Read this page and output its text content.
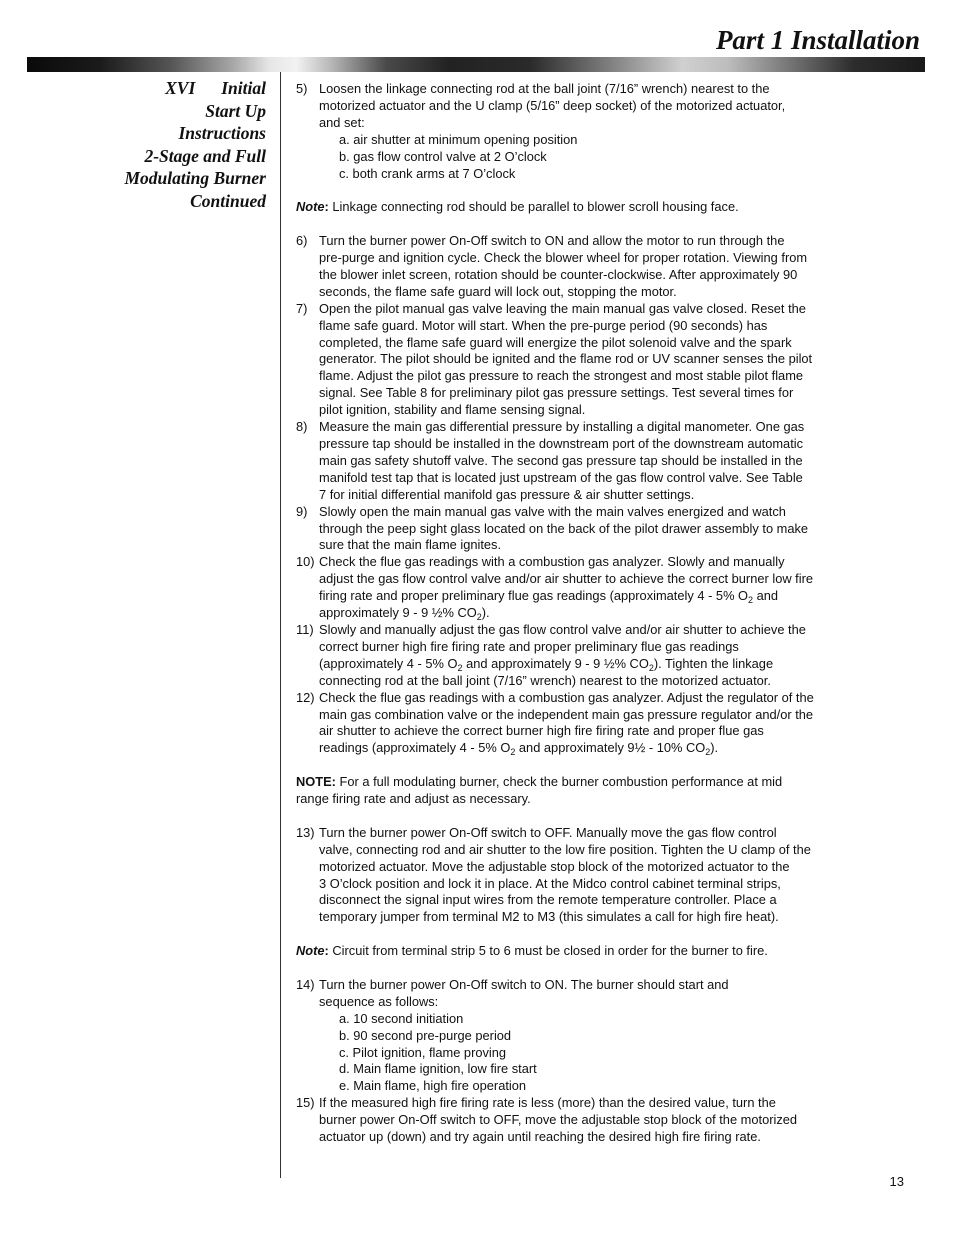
Part 1 Installation
XVI Initial
Start Up
Instructions
2-Stage and Full
Modulating Burner
Continued
5) Loosen the linkage connecting rod at the ball joint (7/16” wrench) nearest to the
motorized actuator and the U clamp (5/16” deep socket) of the motorized actuator,
and set:
a. air shutter at minimum opening position
b. gas flow control valve at 2 O’clock
c. both crank arms at 7 O’clock
Note: Linkage connecting rod should be parallel to blower scroll housing face.
6) Turn the burner power On-Off switch to ON and allow the motor to run through the
pre-purge and ignition cycle. Check the blower wheel for proper rotation. Viewing from
the blower inlet screen, rotation should be counter-clockwise. After approximately 90
seconds, the flame safe guard will lock out, stopping the motor.
7) Open the pilot manual gas valve leaving the main manual gas valve closed. Reset the
flame safe guard. Motor will start. When the pre-purge period (90 seconds) has
completed, the flame safe guard will energize the pilot solenoid valve and the spark
generator. The pilot should be ignited and the flame rod or UV scanner senses the pilot
flame. Adjust the pilot gas pressure to reach the strongest and most stable pilot flame
signal. See Table 8 for preliminary pilot gas pressure settings. Test several times for
pilot ignition, stability and flame sensing signal.
8) Measure the main gas differential pressure by installing a digital manometer. One gas
pressure tap should be installed in the downstream port of the downstream automatic
main gas safety shutoff valve. The second gas pressure tap should be installed in the
manifold test tap that is located just upstream of the gas flow control valve. See Table
7 for initial differential manifold gas pressure & air shutter settings.
9) Slowly open the main manual gas valve with the main valves energized and watch
through the peep sight glass located on the back of the pilot drawer assembly to make
sure that the main flame ignites.
10) Check the flue gas readings with a combustion gas analyzer. Slowly and manually
adjust the gas flow control valve and/or air shutter to achieve the correct burner low fire
firing rate and proper preliminary flue gas readings (approximately 4 - 5% $O_2$ and
approximately 9 - 9 ½% $CO_2$).
11) Slowly and manually adjust the gas flow control valve and/or air shutter to achieve the
correct burner high fire firing rate and proper preliminary flue gas readings
(approximately 4 - 5% $O_2$ and approximately 9 - 9 ½% $CO_2$). Tighten the linkage
connecting rod at the ball joint (7/16” wrench) nearest to the motorized actuator.
12) Check the flue gas readings with a combustion gas analyzer. Adjust the regulator of the
main gas combination valve or the independent main gas pressure regulator and/or the
air shutter to achieve the correct burner high fire firing rate and proper flue gas
readings (approximately 4 - 5% $O_2$ and approximately 9½ - 10% $CO_2$).
NOTE: For a full modulating burner, check the burner combustion performance at mid
range firing rate and adjust as necessary.
13) Turn the burner power On-Off switch to OFF. Manually move the gas flow control
valve, connecting rod and air shutter to the low fire position. Tighten the U clamp of the
motorized actuator. Move the adjustable stop block of the motorized actuator to the
3 O’clock position and lock it in place. At the Midco control cabinet terminal strips,
disconnect the signal input wires from the remote temperature controller. Place a
temporary jumper from terminal M2 to M3 (this simulates a call for high fire heat).
Note: Circuit from terminal strip 5 to 6 must be closed in order for the burner to fire.
14) Turn the burner power On-Off switch to ON. The burner should start and
sequence as follows:
a. 10 second initiation
b. 90 second pre-purge period
c. Pilot ignition, flame proving
d. Main flame ignition, low fire start
e. Main flame, high fire operation
15) If the measured high fire firing rate is less (more) than the desired value, turn the
burner power On-Off switch to OFF, move the adjustable stop block of the motorized
actuator up (down) and try again until reaching the desired high fire firing rate.
13
